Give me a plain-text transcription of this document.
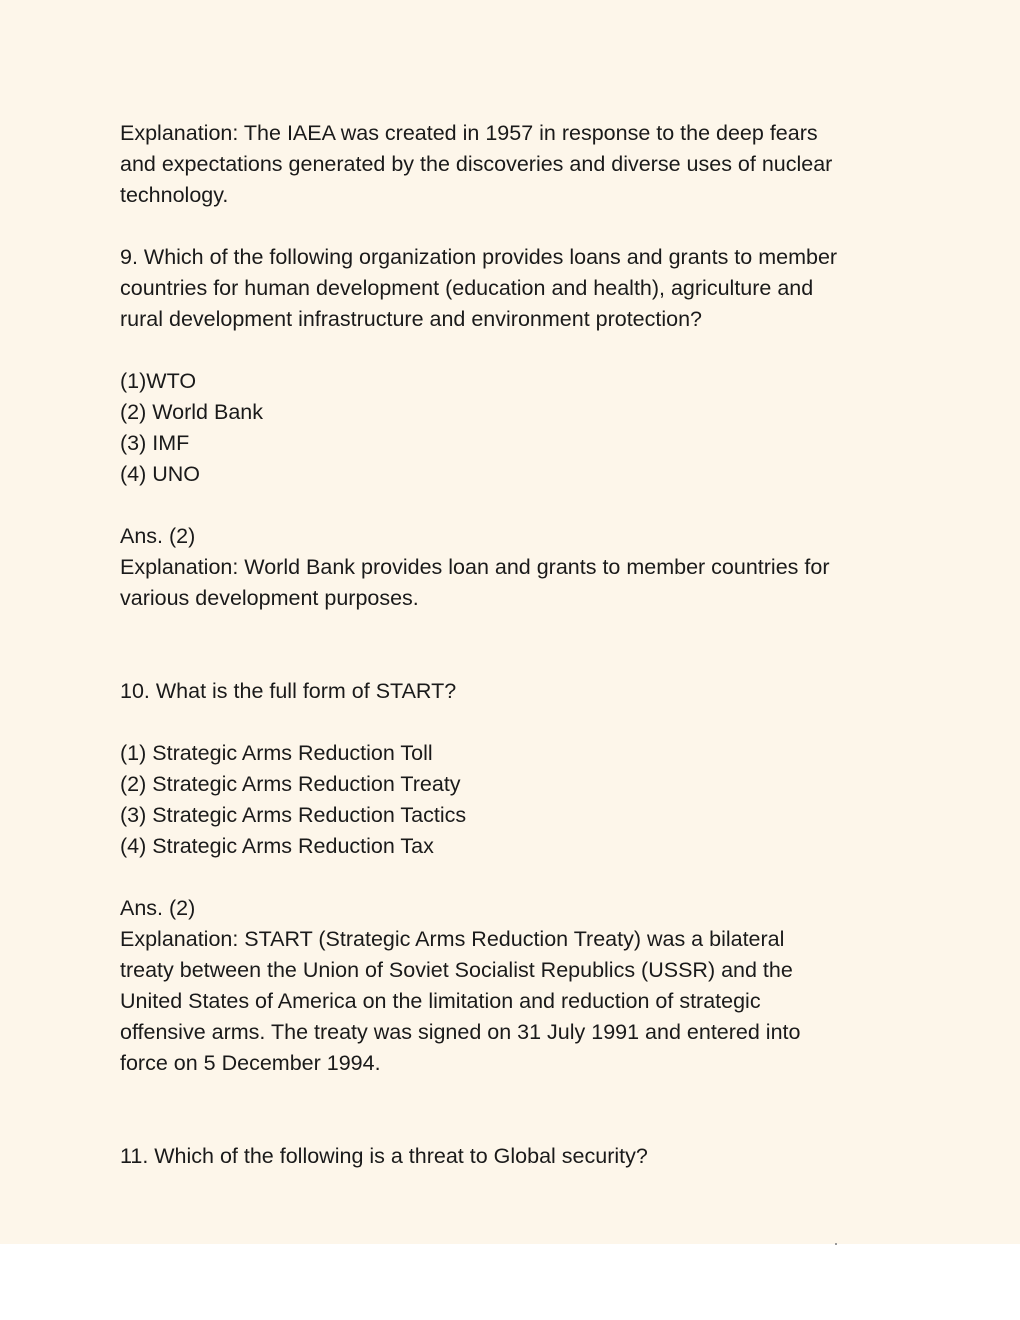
Explanation: The IAEA was created in 1957 in response to the deep fears
and expectations generated by the discoveries and diverse uses of nuclear
technology.
9. Which of the following organization provides loans and grants to member
countries for human development (education and health), agriculture and
rural development infrastructure and environment protection?
(1)WTO
(2) World Bank
(3) IMF
(4) UNO
Ans. (2)
Explanation: World Bank provides loan and grants to member countries for
various development purposes.
10. What is the full form of START?
(1) Strategic Arms Reduction Toll
(2) Strategic Arms Reduction Treaty
(3) Strategic Arms Reduction Tactics
(4) Strategic Arms Reduction Tax
Ans. (2)
Explanation: START (Strategic Arms Reduction Treaty) was a bilateral
treaty between the Union of Soviet Socialist Republics (USSR) and the
United States of America on the limitation and reduction of strategic
offensive arms. The treaty was signed on 31 July 1991 and entered into
force on 5 December 1994.
11. Which of the following is a threat to Global security?
